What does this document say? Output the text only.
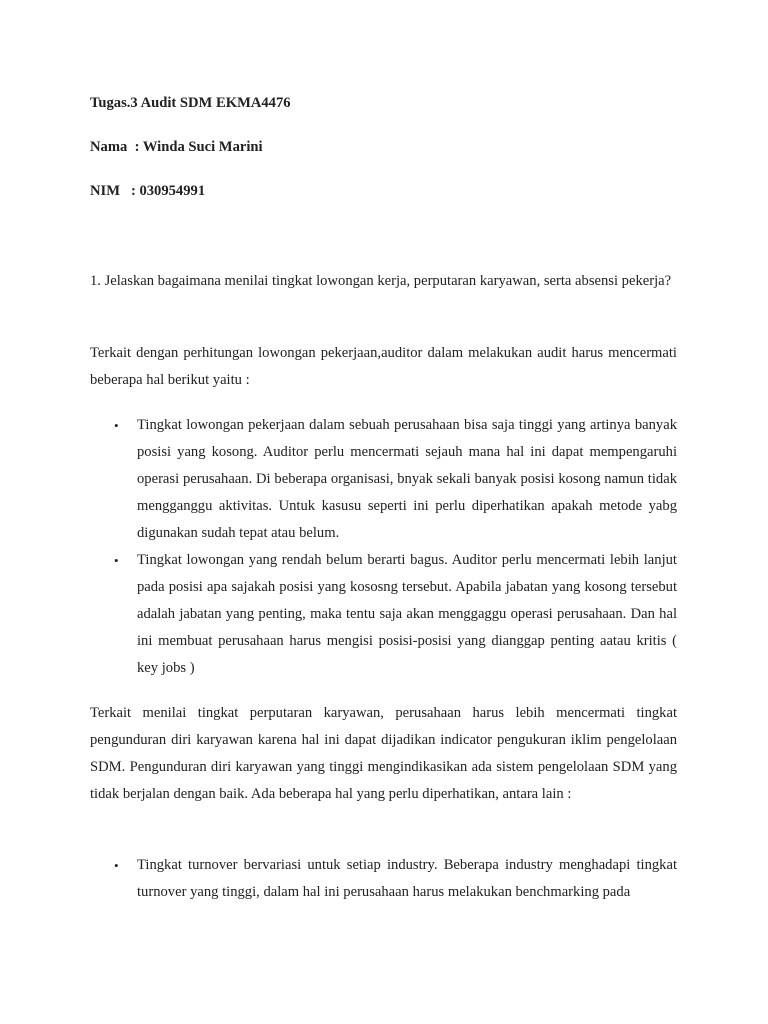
Tugas.3 Audit SDM EKMA4476
Nama  : Winda Suci Marini
NIM   : 030954991
1. Jelaskan bagaimana menilai tingkat lowongan kerja, perputaran karyawan, serta absensi pekerja?
Terkait dengan perhitungan lowongan pekerjaan,auditor dalam melakukan audit harus mencermati beberapa hal berikut yaitu :
• Tingkat lowongan pekerjaan dalam sebuah perusahaan bisa saja tinggi yang artinya banyak posisi yang kosong. Auditor perlu mencermati sejauh mana hal ini dapat mempengaruhi operasi perusahaan. Di beberapa organisasi, bnyak sekali banyak posisi kosong namun tidak mengganggu aktivitas. Untuk kasusu seperti ini perlu diperhatikan apakah metode yabg digunakan sudah tepat atau belum.
• Tingkat lowongan yang rendah belum berarti bagus. Auditor perlu mencermati lebih lanjut pada posisi apa sajakah posisi yang kososng tersebut. Apabila jabatan yang kosong tersebut adalah jabatan yang penting, maka tentu saja akan menggaggu operasi perusahaan. Dan hal ini membuat perusahaan harus mengisi posisi-posisi yang dianggap penting aatau kritis ( key jobs )
Terkait menilai tingkat perputaran karyawan, perusahaan harus lebih mencermati tingkat pengunduran diri karyawan karena hal ini dapat dijadikan indicator pengukuran iklim pengelolaan SDM. Pengunduran diri karyawan yang tinggi mengindikasikan ada sistem pengelolaan SDM yang tidak berjalan dengan baik. Ada beberapa hal yang perlu diperhatikan, antara lain :
• Tingkat turnover bervariasi untuk setiap industry. Beberapa industry menghadapi tingkat turnover yang tinggi, dalam hal ini perusahaan harus melakukan benchmarking pada
